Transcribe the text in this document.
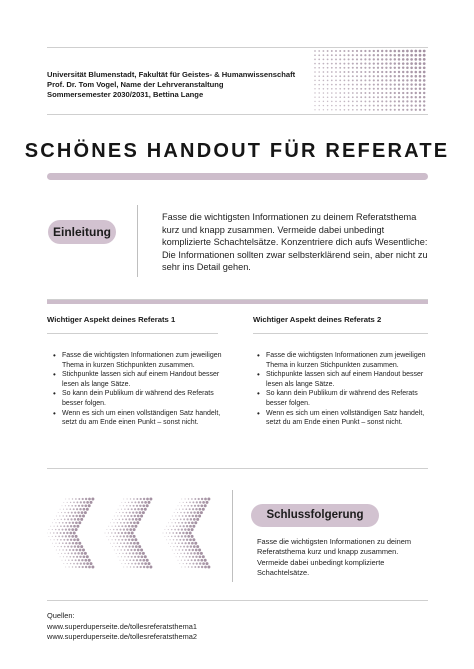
Universität Blumenstadt, Fakultät für Geistes- & Humanwissenschaft
Prof. Dr. Tom Vogel, Name der Lehrveranstaltung
Sommersemester 2030/2031, Bettina Lange
SCHÖNES HANDOUT FÜR REFERATE
Einleitung
Fasse die wichtigsten Informationen zu deinem Referatsthema kurz und knapp zusammen. Vermeide dabei unbedingt komplizierte Schachtelsätze. Konzentriere dich aufs Wesentliche: Die Informationen sollten zwar selbsterklärend sein, aber nicht zu sehr ins Detail gehen.
Wichtiger Aspekt deines Referats 1	Wichtiger Aspekt deines Referats 2
• Fasse die wichtigsten Informationen zum jeweiligen Thema in kurzen Stichpunkten zusammen.
• Stichpunkte lassen sich auf einem Handout besser lesen als lange Sätze.
• So kann dein Publikum dir während des Referats besser folgen.
• Wenn es sich um einen vollständigen Satz handelt, setzt du am Ende einen Punkt – sonst nicht.
• Fasse die wichtigsten Informationen zum jeweiligen Thema in kurzen Stichpunkten zusammen.
• Stichpunkte lassen sich auf einem Handout besser lesen als lange Sätze.
• So kann dein Publikum dir während des Referats besser folgen.
• Wenn es sich um einen vollständigen Satz handelt, setzt du am Ende einen Punkt – sonst nicht.
Schlussfolgerung
Fasse die wichtigsten Informationen zu deinem Referatsthema kurz und knapp zusammen. Vermeide dabei unbedingt komplizierte Schachtelsätze.
Quellen:
www.superduperseite.de/tollesreferatsthema1
www.superduperseite.de/tollesreferatsthema2
